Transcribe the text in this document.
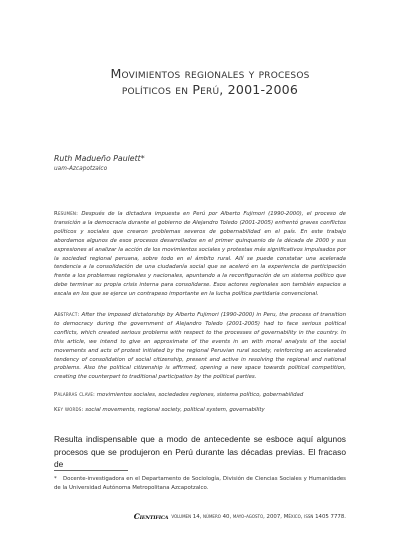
Movimientos regionales y procesos
políticos en Perú, 2001-2006
Ruth Madueño Paulett*
uam-Azcapotzalco
Resumen: Después de la dictadura impuesta en Perú por Alberto Fujimori (1990-2000), el proceso de transición a la democracia durante el gobierno de Alejandro Toledo (2001-2005) enfrentó graves conflictos políticos y sociales que crearon problemas severos de gobernabilidad en el país. En este trabajo abordamos algunos de esos procesos desarrollados en el primer quinquenio de la década de 2000 y sus expresiones al analizar la acción de los movimientos sociales y protestas más significativos impulsados por la sociedad regional peruana, sobre todo en el ámbito rural. Allí se puede constatar una acelerada tendencia a la consolidación de una ciudadanía social que se aceleró en la experiencia de participación frente a los problemas regionales y nacionales, apuntando a la reconfiguración de un sistema político que debe terminar su propia crisis interna para consolidarse. Esos actores regionales son también espacios a escala en los que se ejerce un contrapeso importante en la lucha política partidaria convencional.
Abstract: After the imposed dictatorship by Alberto Fujimori (1990-2000) in Peru, the process of transition to democracy during the government of Alejandro Toledo (2001-2005) had to face serious political conflicts, which created serious problems with respect to the processes of governability in the country. In this article, we intend to give an approximate of the events in an with moral analysis of the social movements and acts of protest initiated by the regional Peruvian rural society, reinforcing an accelerated tendency of consolidation of social citizenship, present and active in resolving the regional and national problems. Also the political citizenship is affirmed, opening a new space towards political competition, creating the counterpart to traditional participation by the political parties.
Palabras clave: movimientos sociales, sociedades regiones, sistema político, gobernabilidad
Key words: social movements, regional society, political system, governability
Resulta indispensable que a modo de antecedente se esboce aquí algunos procesos que se produjeron en Perú durante las décadas previas. El fracaso de
* Docente-investigadora en el Departamento de Sociología, División de Ciencias Sociales y Humanidades de la Universidad Autónoma Metropolitana Azcapotzalco.
Cientifica volumen 14, número 40, mayo-agosto, 2007, México, issn 1405 7778.
